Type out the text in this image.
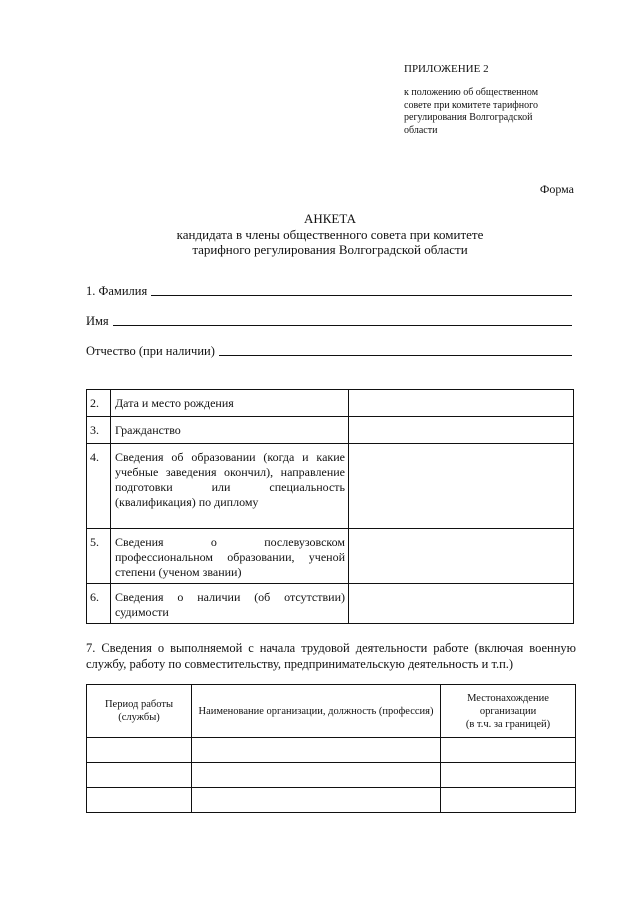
ПРИЛОЖЕНИЕ 2
к положению об общественном
совете при комитете тарифного
регулирования Волгоградской
области
Форма
АНКЕТА
кандидата в члены общественного совета при комитете
тарифного регулирования Волгоградской области
1. Фамилия
Имя
Отчество (при наличии)
2.	Дата и место рождения	
3.	Гражданство	
4.	Сведения об образовании (когда и какие учебные заведения окончил), направление подготовки или специальность (квалификация) по диплому	
5.	Сведения о послевузовском профессиональном образовании, ученой степени (ученом звании)	
6.	Сведения о наличии (об отсутствии) судимости	
7. Сведения о выполняемой с начала трудовой деятельности работе (включая военную службу, работу по совместительству, предпринимательскую деятельность и т.п.)
Период работы (службы)	Наименование организации, должность (профессия)	Местонахождение организации
(в т.ч. за границей)
